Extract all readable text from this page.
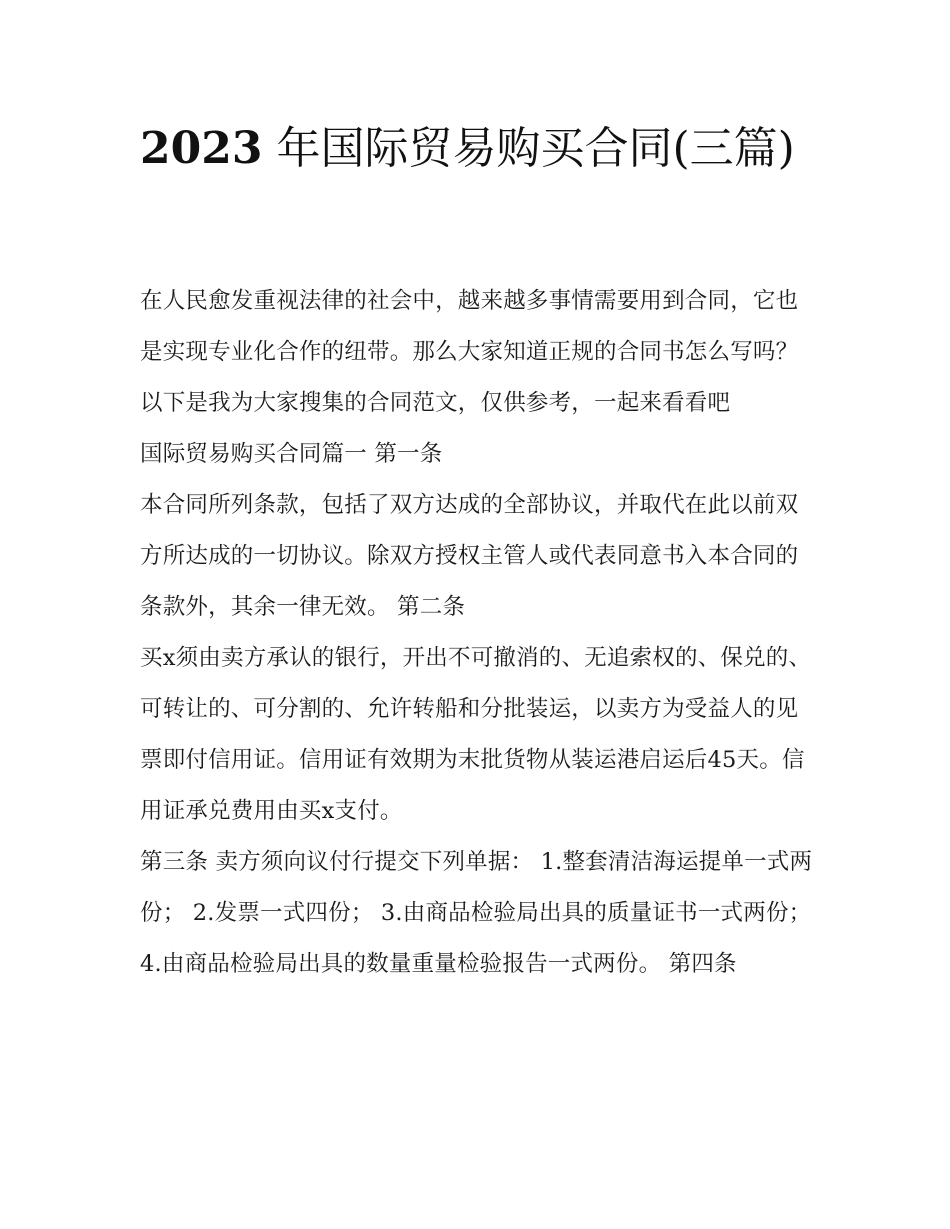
2023 年国际贸易购买合同(三篇)

在人民愈发重视法律的社会中，越来越多事情需要用到合同，它也是实现专业化合作的纽带。那么大家知道正规的合同书怎么写吗？以下是我为大家搜集的合同范文，仅供参考，一起来看看吧

国际贸易购买合同篇一 第一条

本合同所列条款，包括了双方达成的全部协议，并取代在此以前双方所达成的一切协议。除双方授权主管人或代表同意书入本合同的条款外，其余一律无效。 第二条

买x须由卖方承认的银行，开出不可撤消的、无追索权的、保兑的、可转让的、可分割的、允许转船和分批装运，以卖方为受益人的见票即付信用证。信用证有效期为末批货物从装运港启运后45天。信用证承兑费用由买x支付。

第三条 卖方须向议付行提交下列单据： 1.整套清洁海运提单一式两份； 2.发票一式四份； 3.由商品检验局出具的质量证书一式两份；

4.由商品检验局出具的数量重量检验报告一式两份。 第四条
